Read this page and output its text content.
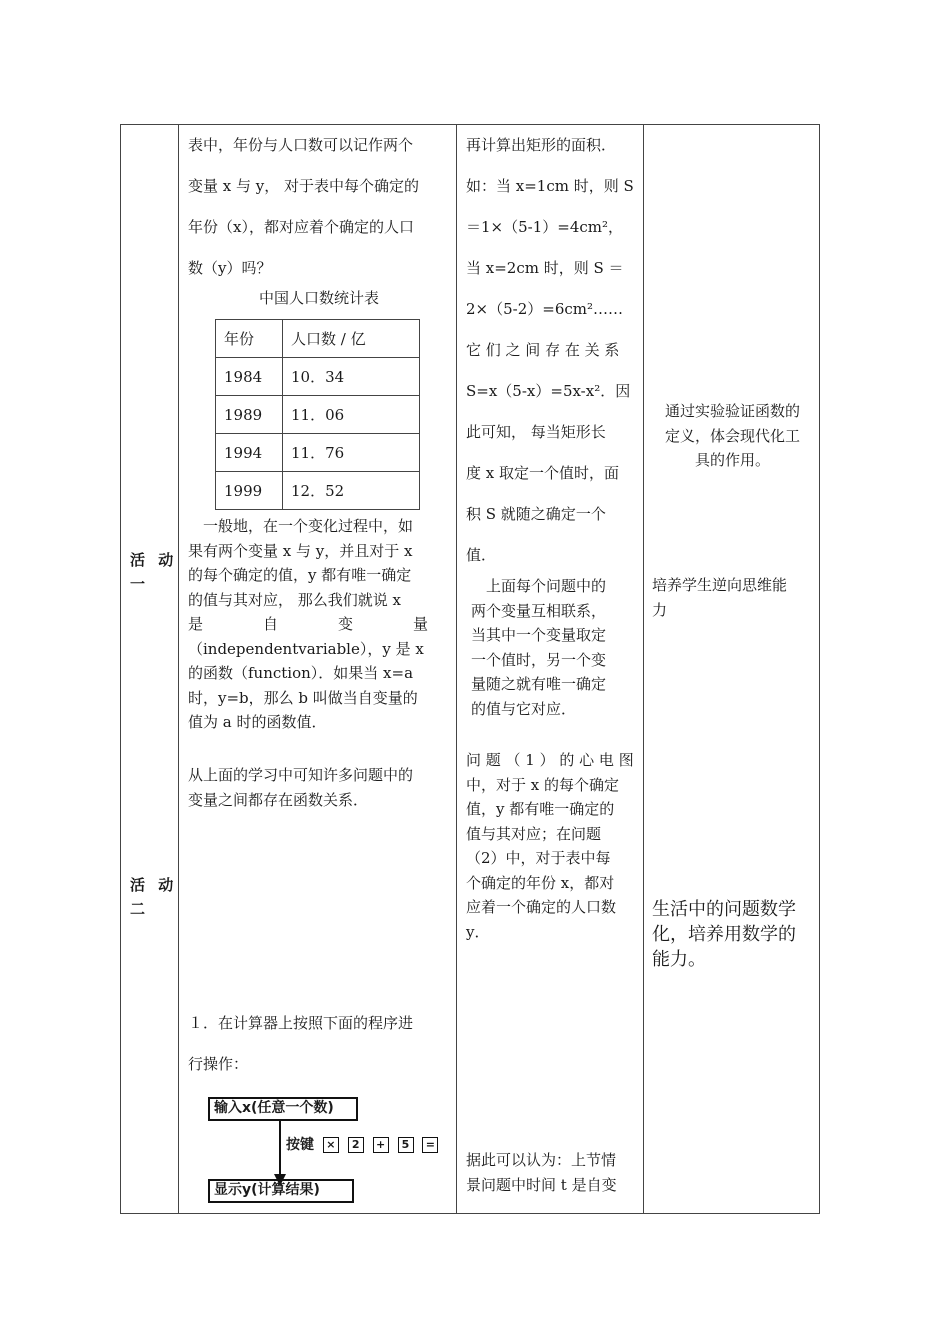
活 动 一
活 动 二
表中，年份与人口数可以记作两个
变量 x 与 y， 对于表中每个确定的
年份（x），都对应着个确定的人口
数（y）吗？
中国人口数统计表
年份	人口数 / 亿
1984	10．34
1989	11．06
1994	11．76
1999	12．52
　一般地，在一个变化过程中，如
果有两个变量 x 与 y，并且对于 x
的每个确定的值，y 都有唯一确定
的值与其对应， 那么我们就说 x
是　　　　自　　　　变　　　　量
（independentvariable），y 是 x
的函数（function）．如果当 x=a
时，y=b，那么 b 叫做当自变量的
值为 a 时的函数值．
从上面的学习中可知许多问题中的
变量之间都存在函数关系．
１．在计算器上按照下面的程序进
行操作：
输入x(任意一个数)
按键 × 2 + 5 =
显示y(计算结果)
再计算出矩形的面积．
如：当 x=1cm 时，则 S
＝1×（5-1）=4cm²，
当 x=2cm 时，则 S ＝
2×（5-2）=6cm²……
它 们 之 间 存 在 关 系
S=x（5-x）=5x-x²．因
此可知， 每当矩形长
度 x 取定一个值时，面
积 S 就随之确定一个
值．
　上面每个问题中的
两个变量互相联系，
当其中一个变量取定
一个值时，另一个变
量随之就有唯一确定
的值与它对应．
问 题 （ 1 ） 的 心 电 图
中，对于 x 的每个确定
值，y 都有唯一确定的
值与其对应；在问题
（2）中，对于表中每
个确定的年份 x，都对
应着一个确定的人口数
y．
据此可以认为：上节情
景问题中时间 t 是自变
通过实验验证函数的
定义，体会现代化工
具的作用。
培养学生逆向思维能
力
生活中的问题数学
化，培养用数学的
能力。
